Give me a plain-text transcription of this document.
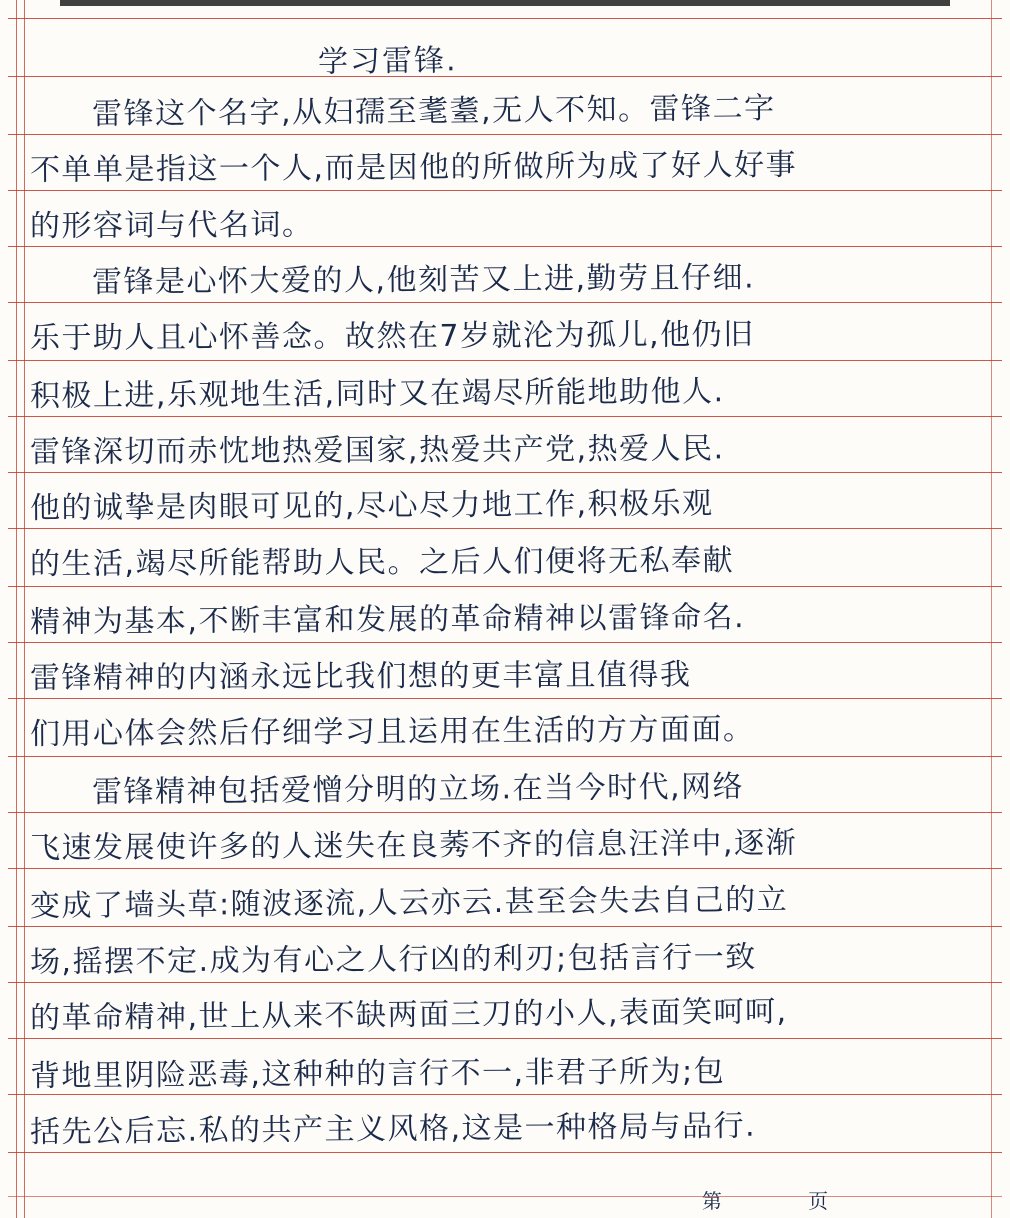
学习雷锋.
雷锋这个名字,从妇孺至耄耋,无人不知。雷锋二字
不单单是指这一个人,而是因他的所做所为成了好人好事
的形容词与代名词。
雷锋是心怀大爱的人,他刻苦又上进,勤劳且仔细.
乐于助人且心怀善念。故然在7岁就沦为孤儿,他仍旧
积极上进,乐观地生活,同时又在竭尽所能地助他人.
雷锋深切而赤忱地热爱国家,热爱共产党,热爱人民.
他的诚挚是肉眼可见的,尽心尽力地工作,积极乐观
的生活,竭尽所能帮助人民。之后人们便将无私奉献
精神为基本,不断丰富和发展的革命精神以雷锋命名.
雷锋精神的内涵永远比我们想的更丰富且值得我
们用心体会然后仔细学习且运用在生活的方方面面。
雷锋精神包括爱憎分明的立场.在当今时代,网络
飞速发展使许多的人迷失在良莠不齐的信息汪洋中,逐渐
变成了墙头草:随波逐流,人云亦云.甚至会失去自己的立
场,摇摆不定.成为有心之人行凶的利刃;包括言行一致
的革命精神,世上从来不缺两面三刀的小人,表面笑呵呵,
背地里阴险恶毒,这种种的言行不一,非君子所为;包
括先公后忘.私的共产主义风格,这是一种格局与品行.
第 页
